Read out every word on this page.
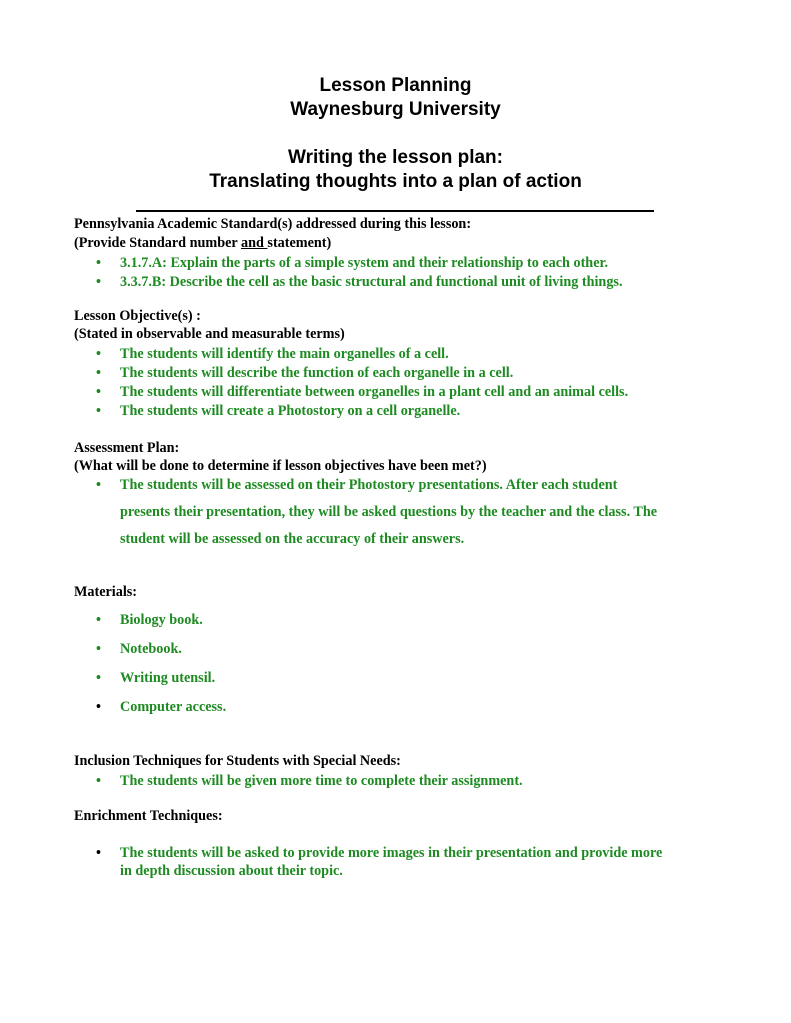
Lesson Planning
Waynesburg University
Writing the lesson plan:
Translating thoughts into a plan of action
Pennsylvania Academic Standard(s) addressed during this lesson:
(Provide Standard number and statement)
•	3.1.7.A: Explain the parts of a simple system and their relationship to each other.
•	3.3.7.B: Describe the cell as the basic structural and functional unit of living things.
Lesson Objective(s) :
(Stated in observable and measurable terms)
•	The students will identify the main organelles of a cell.
•	The students will describe the function of each organelle in a cell.
•	The students will differentiate between organelles in a plant cell and an animal cells.
•	The students will create a Photostory on a cell organelle.
Assessment Plan:
(What will be done to determine if lesson objectives have been met?)
•	The students will be assessed on their Photostory presentations. After each student
presents their presentation, they will be asked questions by the teacher and the class. The
student will be assessed on the accuracy of their answers.
Materials:
•	Biology book.
•	Notebook.
•	Writing utensil.
•	Computer access.
Inclusion Techniques for Students with Special Needs:
•	The students will be given more time to complete their assignment.
Enrichment Techniques:
•	The students will be asked to provide more images in their presentation and provide more
in depth discussion about their topic.
